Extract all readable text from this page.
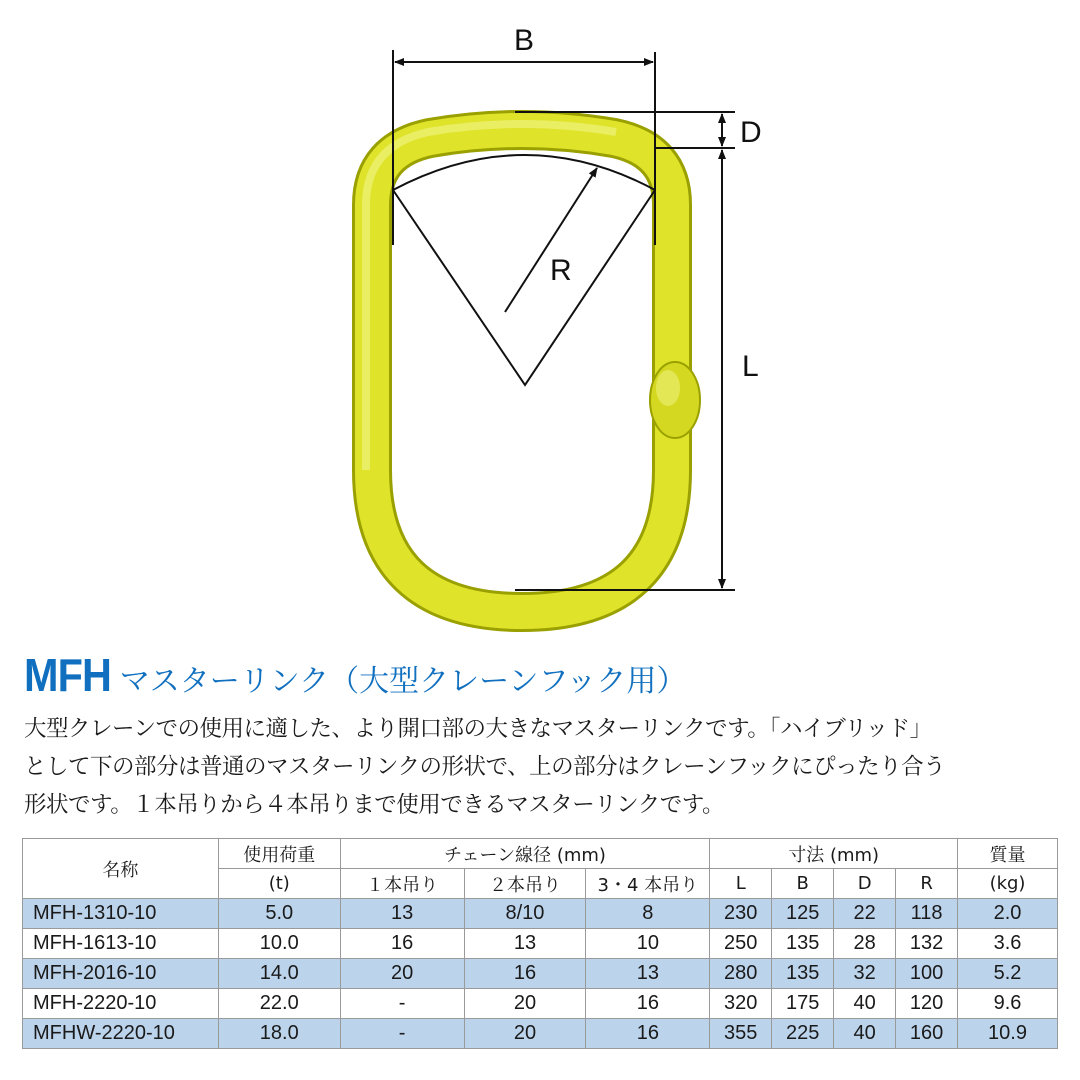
B
D
L
R
MFH マスターリンク（大型クレーンフック用）
大型クレーンでの使用に適した、より開口部の大きなマスターリンクです。「ハイブリッド」
として下の部分は普通のマスターリンクの形状で、上の部分はクレーンフックにぴったり合う
形状です。１本吊りから４本吊りまで使用できるマスターリンクです。
名称	使用荷重	チェーン線径 (mm)			寸法 (mm)				質量
	(t)	１本吊り	２本吊り	3・4 本吊り	L	B	D	R	(kg)
MFH-1310-10	5.0	13	8/10	8	230	125	22	118	2.0
MFH-1613-10	10.0	16	13	10	250	135	28	132	3.6
MFH-2016-10	14.0	20	16	13	280	135	32	100	5.2
MFH-2220-10	22.0	-	20	16	320	175	40	120	9.6
MFHW-2220-10	18.0	-	20	16	355	225	40	160	10.9
